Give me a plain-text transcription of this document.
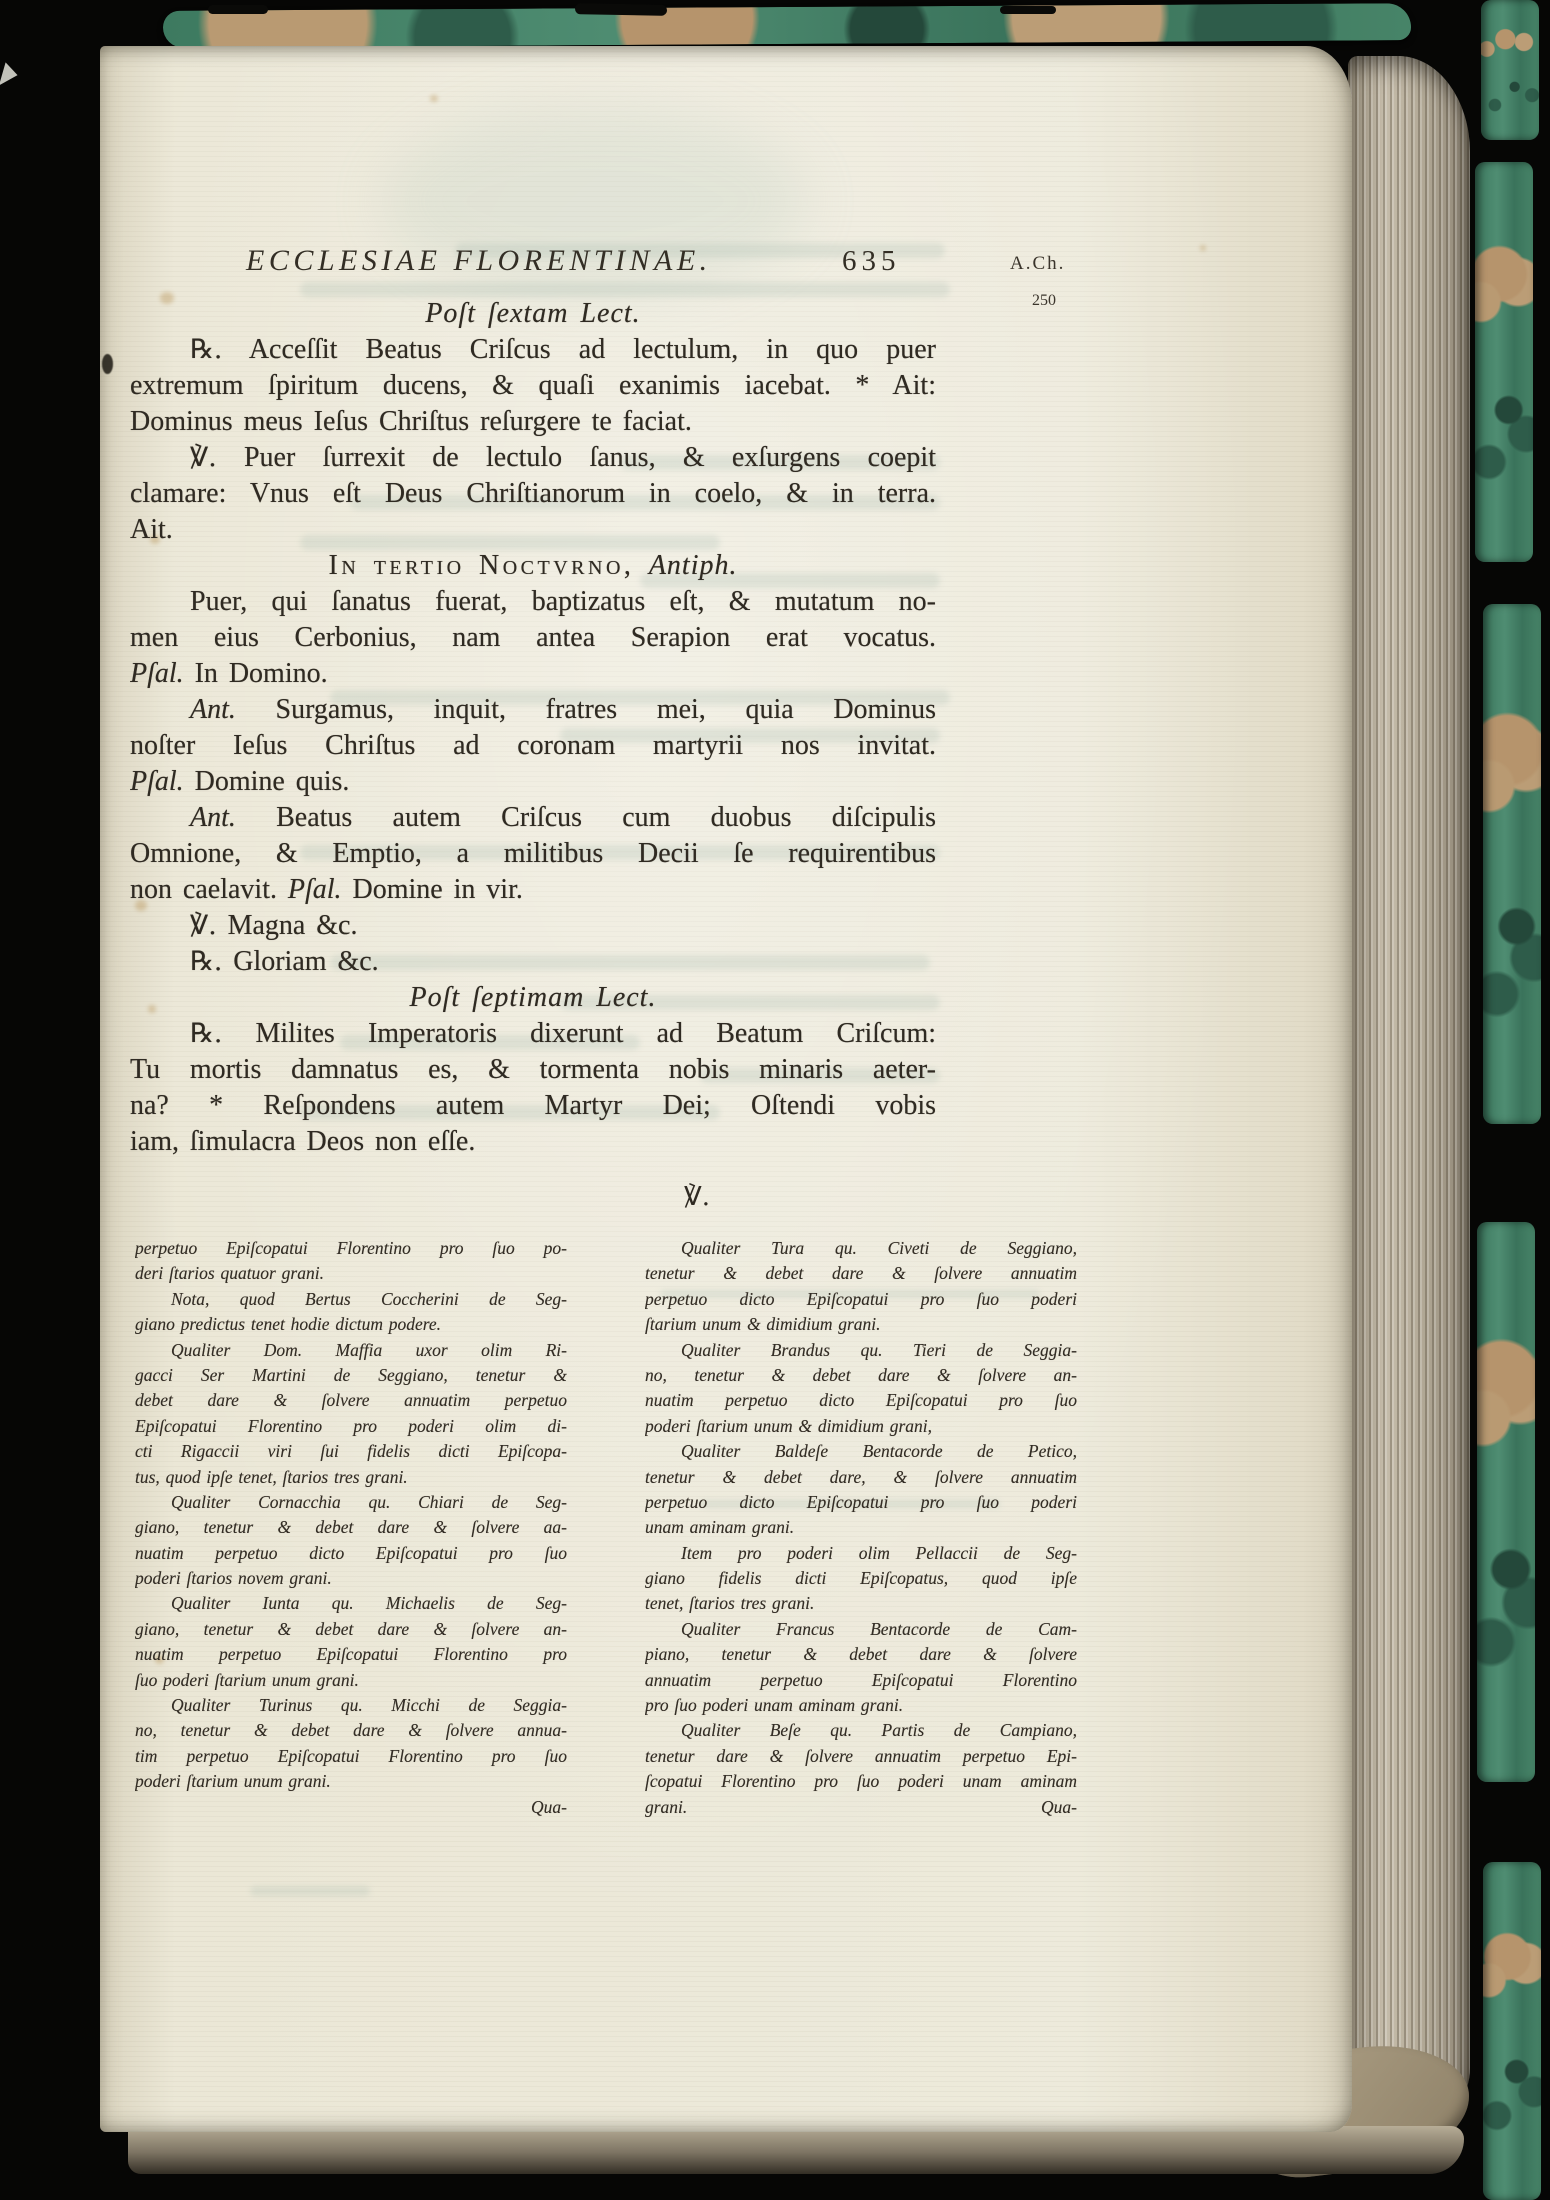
ECCLESIAE FLORENTINAE.	635	A.Ch.
250
Poſt ſextam Lect.
℞. Acceſſit Beatus Criſcus ad lectulum, in quo puer
extremum ſpiritum ducens, & quaſi exanimis iacebat. * Ait:
Dominus meus Ieſus Chriſtus reſurgere te faciat.
℣. Puer ſurrexit de lectulo ſanus, & exſurgens coepit
clamare: Vnus eſt Deus Chriſtianorum in coelo, & in terra.
Ait.
In tertio Noctvrno, Antiph.
Puer, qui ſanatus fuerat, baptizatus eſt, & mutatum no-
men eius Cerbonius, nam antea Serapion erat vocatus.
Pſal. In Domino.
Ant. Surgamus, inquit, fratres mei, quia Dominus
noſter Ieſus Chriſtus ad coronam martyrii nos invitat.
Pſal. Domine quis.
Ant. Beatus autem Criſcus cum duobus diſcipulis
Omnione, & Emptio, a militibus Decii ſe requirentibus
non caelavit. Pſal. Domine in vir.
℣. Magna &c.
℞. Gloriam &c.
Poſt ſeptimam Lect.
℞. Milites Imperatoris dixerunt ad Beatum Criſcum:
Tu mortis damnatus es, & tormenta nobis minaris aeter-
na? * Reſpondens autem Martyr Dei; Oſtendi vobis
iam, ſimulacra Deos non eſſe.
℣.
perpetuo Epiſcopatui Florentino pro ſuo po-
deri ſtarios quatuor grani.
Nota, quod Bertus Coccherini de Seg-
giano predictus tenet hodie dictum podere.
Qualiter Dom. Maffia uxor olim Ri-
gacci Ser Martini de Seggiano, tenetur &
debet dare & ſolvere annuatim perpetuo
Epiſcopatui Florentino pro poderi olim di-
cti Rigaccii viri ſui fidelis dicti Epiſcopa-
tus, quod ipſe tenet, ſtarios tres grani.
Qualiter Cornacchia qu. Chiari de Seg-
giano, tenetur & debet dare & ſolvere aa-
nuatim perpetuo dicto Epiſcopatui pro ſuo
poderi ſtarios novem grani.
Qualiter Iunta qu. Michaelis de Seg-
giano, tenetur & debet dare & ſolvere an-
nuatim perpetuo Epiſcopatui Florentino pro
ſuo poderi ſtarium unum grani.
Qualiter Turinus qu. Micchi de Seggia-
no, tenetur & debet dare & ſolvere annua-
tim perpetuo Epiſcopatui Florentino pro ſuo
poderi ſtarium unum grani.
Qua-
Qualiter Tura qu. Civeti de Seggiano,
tenetur & debet dare & ſolvere annuatim
perpetuo dicto Epiſcopatui pro ſuo poderi
ſtarium unum & dimidium grani.
Qualiter Brandus qu. Tieri de Seggia-
no, tenetur & debet dare & ſolvere an-
nuatim perpetuo dicto Epiſcopatui pro ſuo
poderi ſtarium unum & dimidium grani,
Qualiter Baldeſe Bentacorde de Petico,
tenetur & debet dare, & ſolvere annuatim
perpetuo dicto Epiſcopatui pro ſuo poderi
unam aminam grani.
Item pro poderi olim Pellaccii de Seg-
giano fidelis dicti Epiſcopatus, quod ipſe
tenet, ſtarios tres grani.
Qualiter Francus Bentacorde de Cam-
piano, tenetur & debet dare & ſolvere
annuatim perpetuo Epiſcopatui Florentino
pro ſuo poderi unam aminam grani.
Qualiter Beſe qu. Partis de Campiano,
tenetur dare & ſolvere annuatim perpetuo Epi-
ſcopatui Florentino pro ſuo poderi unam aminam
Qua-
grani.
